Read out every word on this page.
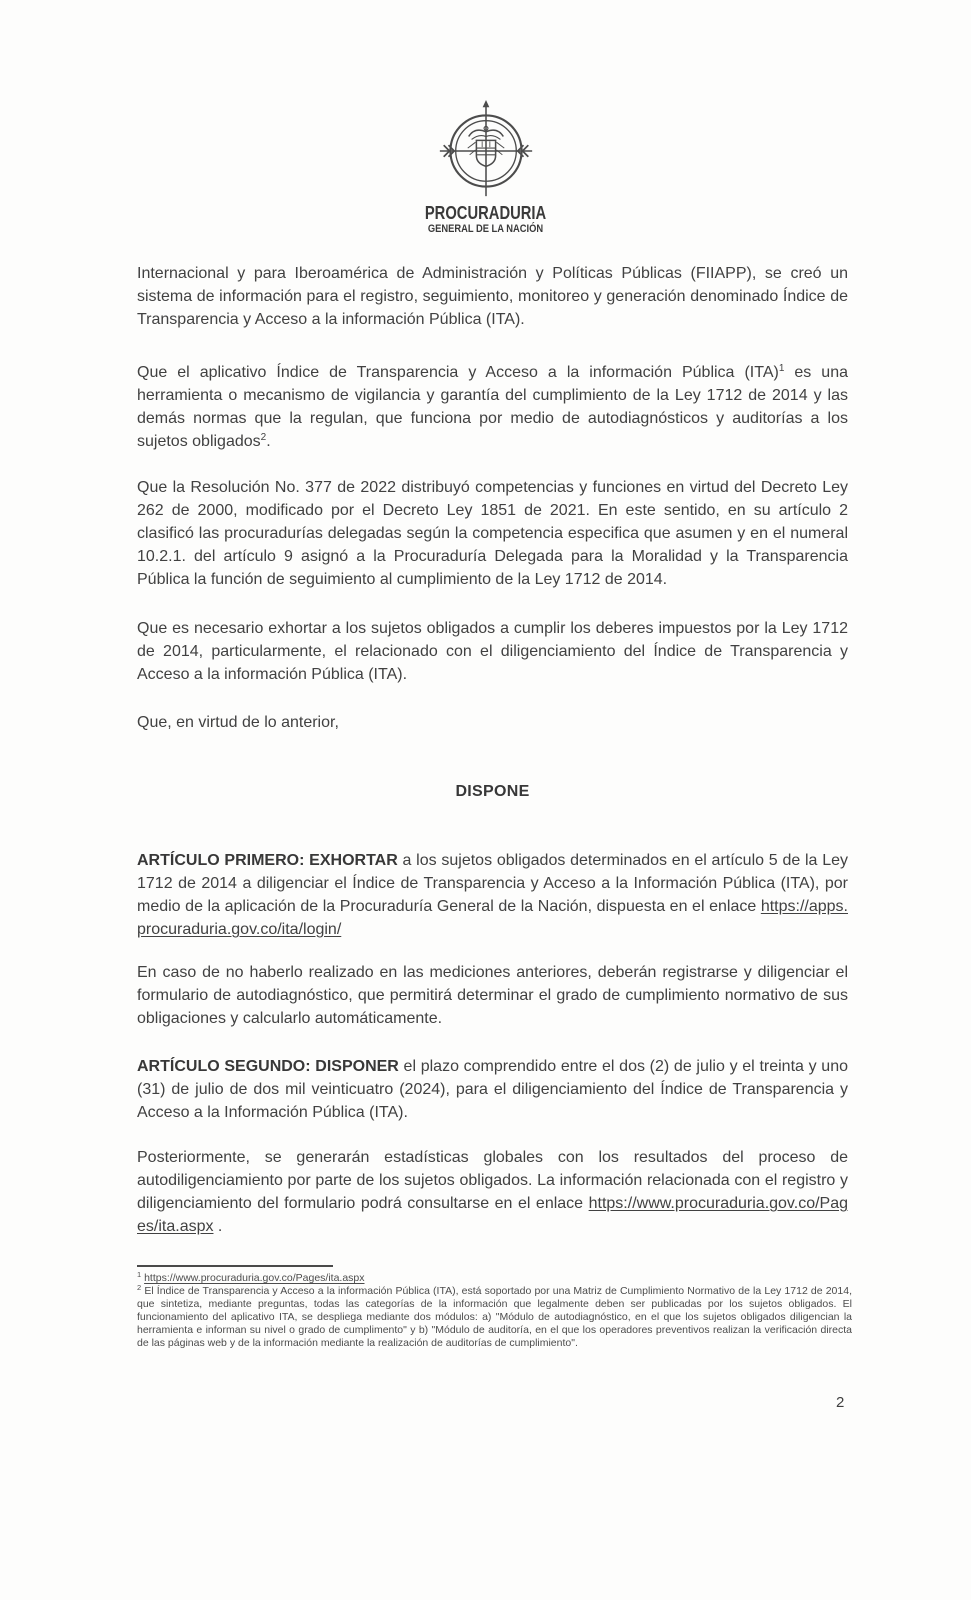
PROCURADURIA
GENERAL DE LA NACIÓN

Internacional y para Iberoamérica de Administración y Políticas Públicas (FIIAPP), se creó un sistema de información para el registro, seguimiento, monitoreo y generación denominado Índice de Transparencia y Acceso a la información Pública (ITA).

Que el aplicativo Índice de Transparencia y Acceso a la información Pública (ITA)$^1$ es una herramienta o mecanismo de vigilancia y garantía del cumplimiento de la Ley 1712 de 2014 y las demás normas que la regulan, que funciona por medio de autodiagnósticos y auditorías a los sujetos obligados$^2$.

Que la Resolución No. 377 de 2022 distribuyó competencias y funciones en virtud del Decreto Ley 262 de 2000, modificado por el Decreto Ley 1851 de 2021. En este sentido, en su artículo 2 clasificó las procuradurías delegadas según la competencia especifica que asumen y en el numeral 10.2.1. del artículo 9 asignó a la Procuraduría Delegada para la Moralidad y la Transparencia Pública la función de seguimiento al cumplimiento de la Ley 1712 de 2014.

Que es necesario exhortar a los sujetos obligados a cumplir los deberes impuestos por la Ley 1712 de 2014, particularmente, el relacionado con el diligenciamiento del Índice de Transparencia y Acceso a la información Pública (ITA).

Que, en virtud de lo anterior,

DISPONE

ARTÍCULO PRIMERO: EXHORTAR a los sujetos obligados determinados en el artículo 5 de la Ley 1712 de 2014 a diligenciar el Índice de Transparencia y Acceso a la Información Pública (ITA), por medio de la aplicación de la Procuraduría General de la Nación, dispuesta en el enlace https://apps.procuraduria.gov.co/ita/login/

En caso de no haberlo realizado en las mediciones anteriores, deberán registrarse y diligenciar el formulario de autodiagnóstico, que permitirá determinar el grado de cumplimiento normativo de sus obligaciones y calcularlo automáticamente.

ARTÍCULO SEGUNDO: DISPONER el plazo comprendido entre el dos (2) de julio y el treinta y uno (31) de julio de dos mil veinticuatro (2024), para el diligenciamiento del Índice de Transparencia y Acceso a la Información Pública (ITA).

Posteriormente, se generarán estadísticas globales con los resultados del proceso de autodiligenciamiento por parte de los sujetos obligados. La información relacionada con el registro y diligenciamiento del formulario podrá consultarse en el enlace https://www.procuraduria.gov.co/Pages/ita.aspx .

$^1$ https://www.procuraduria.gov.co/Pages/ita.aspx

$^2$ El Índice de Transparencia y Acceso a la información Pública (ITA), está soportado por una Matriz de Cumplimiento Normativo de la Ley 1712 de 2014, que sintetiza, mediante preguntas, todas las categorías de la información que legalmente deben ser publicadas por los sujetos obligados. El funcionamiento del aplicativo ITA, se despliega mediante dos módulos: a) "Módulo de autodiagnóstico, en el que los sujetos obligados diligencian la herramienta e informan su nivel o grado de cumplimento" y b) "Módulo de auditoría, en el que los operadores preventivos realizan la verificación directa de las páginas web y de la información mediante la realización de auditorías de cumplimiento".

2
